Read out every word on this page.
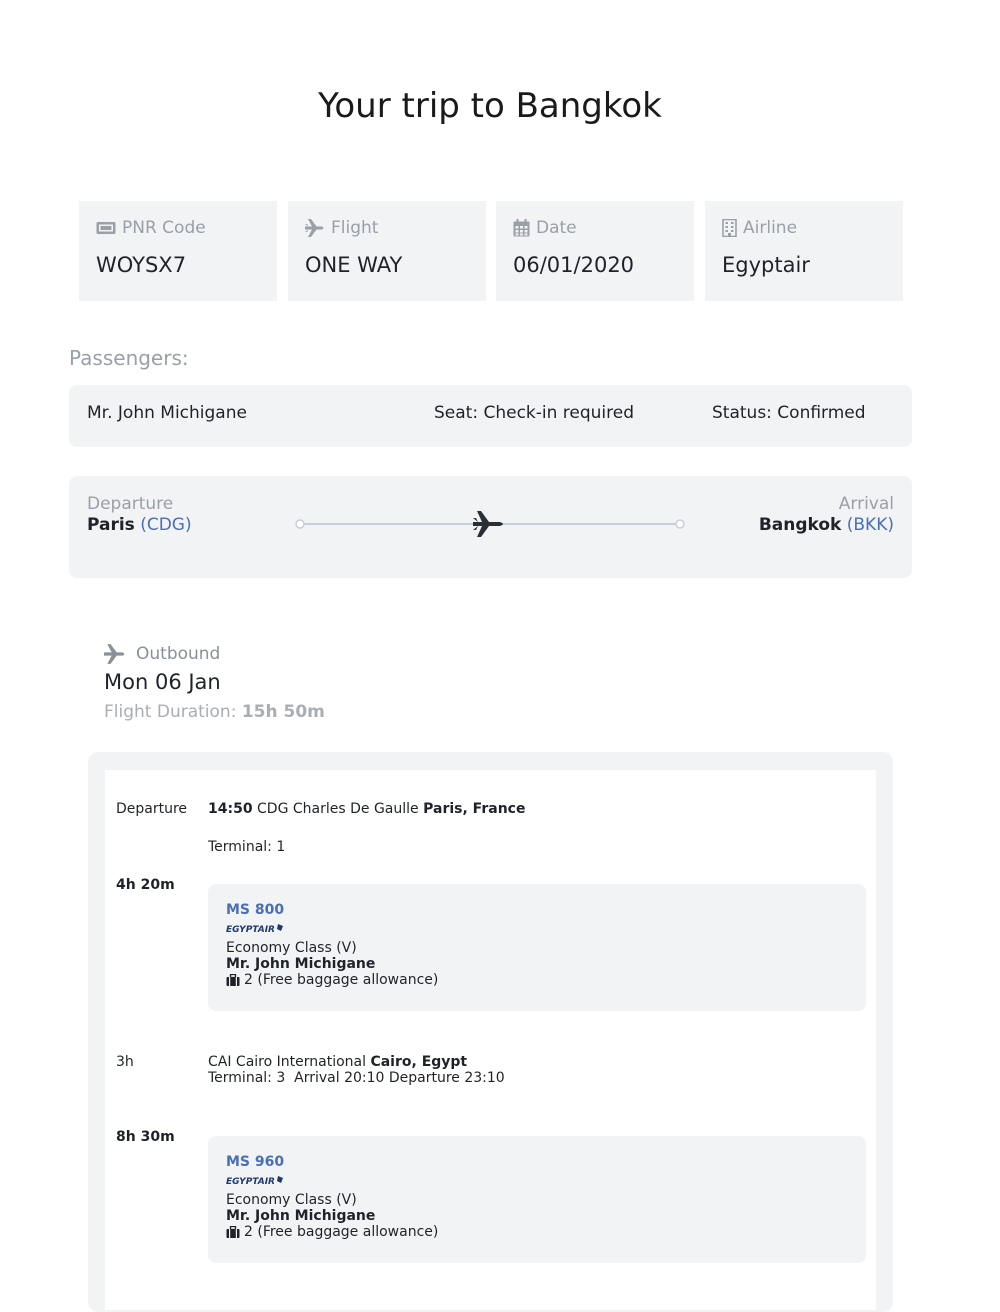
Your trip to Bangkok
PNR Code
WOYSX7
Flight
ONE WAY
Date
06/01/2020
Airline
Egyptair
Passengers:
Mr. John Michigane	Seat: Check-in required	Status: Confirmed
Departure
Paris (CDG)
Arrival
Bangkok (BKK)
Outbound
Mon 06 Jan
Flight Duration: 15h 50m
Departure 14:50 CDG Charles De Gaulle Paris, France
Terminal: 1
4h 20m
MS 800
EGYPTAIR
Economy Class (V)
Mr. John Michigane
2 (Free baggage allowance)
3h	CAI Cairo International Cairo, Egypt
Terminal: 3  Arrival 20:10 Departure 23:10
8h 30m
MS 960
EGYPTAIR
Economy Class (V)
Mr. John Michigane
2 (Free baggage allowance)
